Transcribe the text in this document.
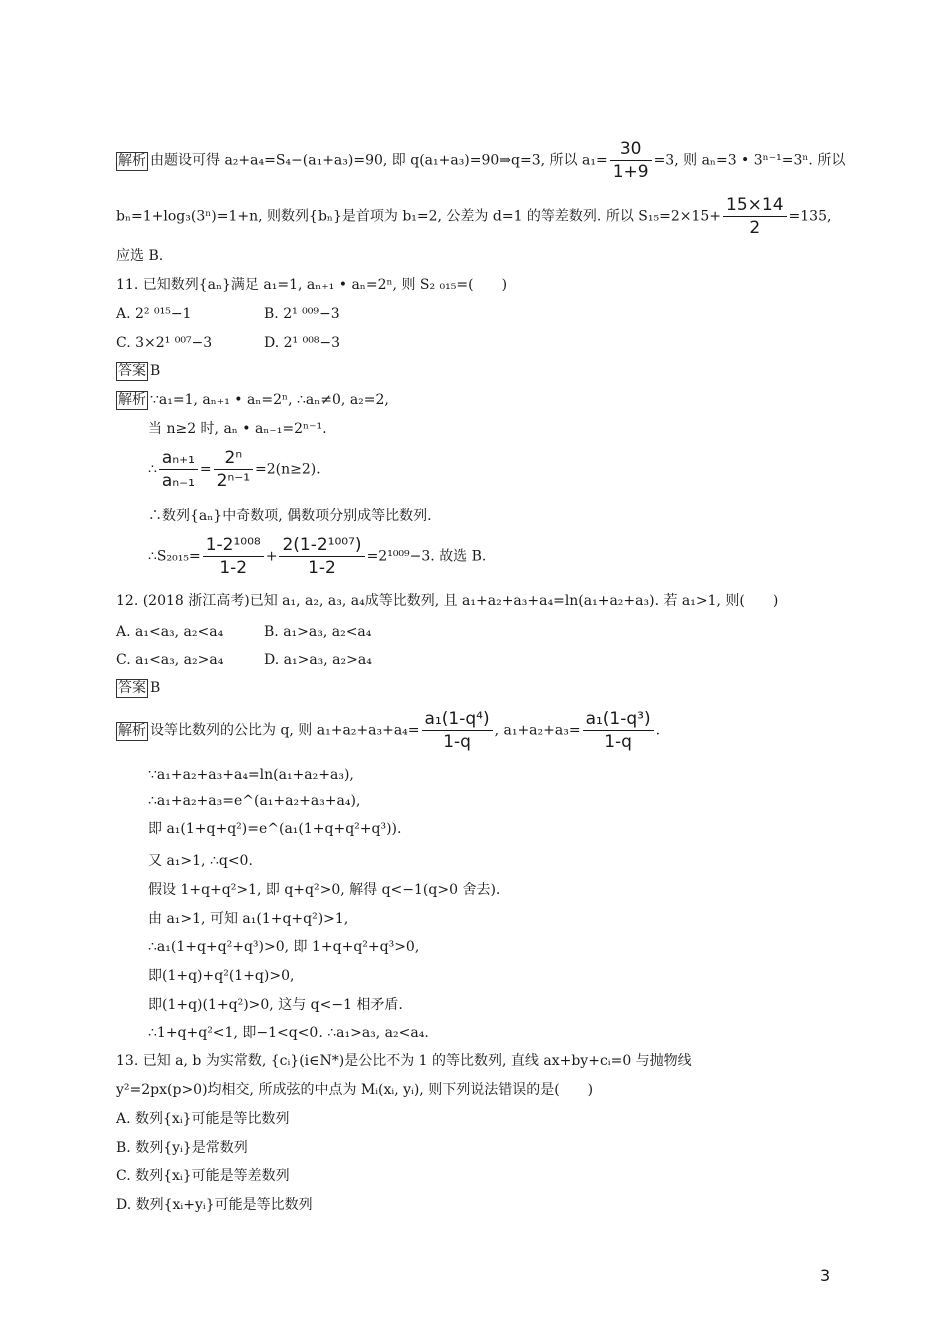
解析 由题设可得 a₂+a₄=S₄−(a₁+a₃)=90, 即 q(a₁+a₃)=90⇒q=3, 所以 $a_1= \frac{30}{1+9} =3$, 则 aₙ=3 • 3ⁿ⁻¹=3ⁿ. 所以
bₙ=1+log₃(3ⁿ)=1+n, 则数列{bₙ}是首项为 b₁=2, 公差为 d=1 的等差数列. 所以 $S_{15}=2\times 15+ \frac{15\times 14}{2} =135$,
应选 B.
11. 已知数列{aₙ}满足 a₁=1, aₙ₊₁ • aₙ=2ⁿ, 则 S₂ ₀₁₅=(　　)
A. 2² ⁰¹⁵−1	B. 2¹ ⁰⁰⁹−3
C. 3×2¹ ⁰⁰⁷−3	D. 2¹ ⁰⁰⁸−3
答案 B
解析 ∵a₁=1, aₙ₊₁ • aₙ=2ⁿ, ∴aₙ≠0, a₂=2,
当 n≥2 时, aₙ • aₙ₋₁=2ⁿ⁻¹.
∴ $\frac{\text{aₙ₊₁}}{\text{aₙ₋₁}} = \frac{\text{2ⁿ}}{\text{2ⁿ⁻¹}} =2(n\ge 2)$.
∴数列{aₙ}中奇数项, 偶数项分别成等比数列.
∴S₂₀₁₅= $\frac{\text{1-2¹⁰⁰⁸}}{1-2} + \frac{\text{2(1-2¹⁰⁰⁷)}}{1-2} =2^{1009}-3$. 故选 B.
12. (2018 浙江高考)已知 a₁, a₂, a₃, a₄成等比数列, 且 a₁+a₂+a₃+a₄=ln(a₁+a₂+a₃). 若 a₁>1, 则(　　)
A. a₁<a₃, a₂<a₄	B. a₁>a₃, a₂<a₄
C. a₁<a₃, a₂>a₄	D. a₁>a₃, a₂>a₄
答案 B
解析 设等比数列的公比为 q, 则 $a_1+a_2+a_3+a_4= \frac{\text{a₁(1-q⁴)}}{1-q}$ , $a_1+a_2+a_3= \frac{\text{a₁(1-q³)}}{1-q}$ .
∵a₁+a₂+a₃+a₄=ln(a₁+a₂+a₃),
∴a₁+a₂+a₃=e^(a₁+a₂+a₃+a₄),
即 a₁(1+q+q²)=e^(a₁(1+q+q²+q³)).
又 a₁>1, ∴q<0.
假设 1+q+q²>1, 即 q+q²>0, 解得 q<−1(q>0 舍去).
由 a₁>1, 可知 a₁(1+q+q²)>1,
∴a₁(1+q+q²+q³)>0, 即 1+q+q²+q³>0,
即(1+q)+q²(1+q)>0,
即(1+q)(1+q²)>0, 这与 q<−1 相矛盾.
∴1+q+q²<1, 即−1<q<0. ∴a₁>a₃, a₂<a₄.
13. 已知 a, b 为实常数, {cᵢ}(i∈N*)是公比不为 1 的等比数列, 直线 ax+by+cᵢ=0 与抛物线
y²=2px(p>0)均相交, 所成弦的中点为 Mᵢ(xᵢ, yᵢ), 则下列说法错误的是(　　)
A. 数列{xᵢ}可能是等比数列
B. 数列{yᵢ}是常数列
C. 数列{xᵢ}可能是等差数列
D. 数列{xᵢ+yᵢ}可能是等比数列
3
